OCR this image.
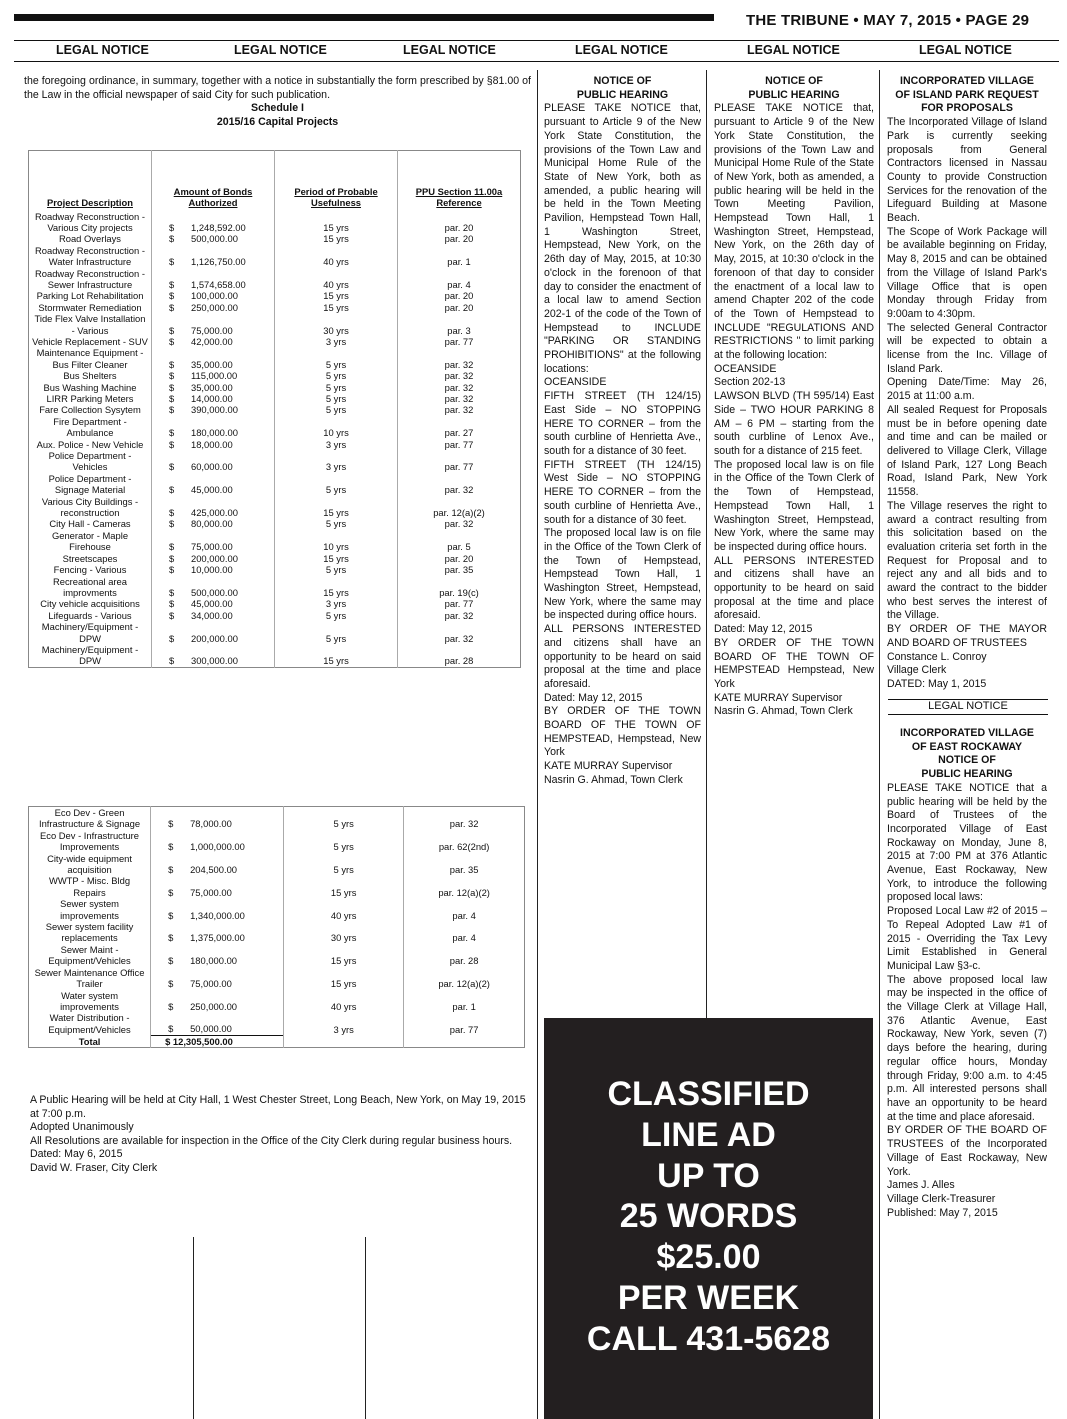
THE TRIBUNE • MAY 7, 2015 • PAGE 29
LEGAL NOTICE	LEGAL NOTICE	LEGAL NOTICE	LEGAL NOTICE	LEGAL NOTICE	LEGAL NOTICE
the foregoing ordinance, in summary, together with a notice in substantially the form prescribed by §81.00 of the Law in the official newspaper of said City for such publication.
Schedule I
2015/16 Capital Projects
Project Description	Amount of Bonds Authorized	Period of Probable Usefulness	PPU Section 11.00a Reference
Roadway Reconstruction - Various City projects	$ 1,248,592.00	15 yrs	par. 20
Road Overlays	$ 500,000.00	15 yrs	par. 20
Roadway Reconstruction - Water Infrastructure	$ 1,126,750.00	40 yrs	par. 1
Roadway Reconstruction - Sewer Infrastructure	$ 1,574,658.00	40 yrs	par. 4
Parking Lot Rehabilitation	$ 100,000.00	15 yrs	par. 20
Stormwater Remediation	$ 250,000.00	15 yrs	par. 20
Tide Flex Valve Installation - Various	$ 75,000.00	30 yrs	par. 3
Vehicle Replacement - SUV	$ 42,000.00	3 yrs	par. 77
Maintenance Equipment - Bus Filter Cleaner	$ 35,000.00	5 yrs	par. 32
Bus Shelters	$ 115,000.00	5 yrs	par. 32
Bus Washing Machine	$ 35,000.00	5 yrs	par. 32
LIRR Parking Meters	$ 14,000.00	5 yrs	par. 32
Fare Collection Sysytem	$ 390,000.00	5 yrs	par. 32
Fire Department - Ambulance	$ 180,000.00	10 yrs	par. 27
Aux. Police - New Vehicle	$ 18,000.00	3 yrs	par. 77
Police Department - Vehicles	$ 60,000.00	3 yrs	par. 77
Police Department - Signage Material	$ 45,000.00	5 yrs	par. 32
Various City Buildings - reconstruction	$ 425,000.00	15 yrs	par. 12(a)(2)
City Hall - Cameras	$ 80,000.00	5 yrs	par. 32
Generator - Maple Firehouse	$ 75,000.00	10 yrs	par. 5
Streetscapes	$ 200,000.00	15 yrs	par. 20
Fencing - Various	$ 10,000.00	5 yrs	par. 35
Recreational area improvments	$ 500,000.00	15 yrs	par. 19(c)
City vehicle acquisitions	$ 45,000.00	3 yrs	par. 77
Lifeguards - Various	$ 34,000.00	5 yrs	par. 32
Machinery/Equipment - DPW	$ 200,000.00	5 yrs	par. 32
Machinery/Equipment - DPW	$ 300,000.00	15 yrs	par. 28
Eco Dev - Green Infrastructure & Signage	$ 78,000.00	5 yrs	par. 32
Eco Dev - Infrastructure Improvements	$ 1,000,000.00	5 yrs	par. 62(2nd)
City-wide equipment acquisition	$ 204,500.00	5 yrs	par. 35
WWTP - Misc. Bldg Repairs	$ 75,000.00	15 yrs	par. 12(a)(2)
Sewer system improvements	$ 1,340,000.00	40 yrs	par. 4
Sewer system facility replacements	$ 1,375,000.00	30 yrs	par. 4
Sewer Maint - Equipment/Vehicles	$ 180,000.00	15 yrs	par. 28
Sewer Maintenance Office Trailer	$ 75,000.00	15 yrs	par. 12(a)(2)
Water system improvements	$ 250,000.00	40 yrs	par. 1
Water Distribution - Equipment/Vehicles	$ 50,000.00	3 yrs	par. 77
Total	$ 12,305,500.00		
A Public Hearing will be held at City Hall, 1 West Chester Street, Long Beach, New York, on May 19, 2015 at 7:00 p.m.
Adopted Unanimously
All Resolutions are available for inspection in the Office of the City Clerk during regular business hours.
Dated: May 6, 2015
David W. Fraser, City Clerk
NOTICE OF
PUBLIC HEARING

PLEASE TAKE NOTICE that, pursuant to Article 9 of the New York State Constitution, the provisions of the Town Law and Municipal Home Rule of the State of New York, both as amended, a public hearing will be held in the Town Meeting Pavilion, Hempstead Town Hall, 1 Washington Street, Hempstead, New York, on the 26th day of May, 2015, at 10:30 o'clock in the forenoon of that day to consider the enactment of a local law to amend Section 202-1 of the code of the Town of Hempstead to INCLUDE "PARKING OR STANDING PROHIBITIONS" at the following locations:

OCEANSIDE

FIFTH STREET (TH 124/15) East Side – NO STOPPING HERE TO CORNER – from the south curbline of Henrietta Ave., south for a distance of 30 feet.

FIFTH STREET (TH 124/15) West Side – NO STOPPING HERE TO CORNER – from the south curbline of Henrietta Ave., south for a distance of 30 feet.

The proposed local law is on file in the Office of the Town Clerk of the Town of Hempstead, Hempstead Town Hall, 1 Washington Street, Hempstead, New York, where the same may be inspected during office hours.

ALL PERSONS INTERESTED and citizens shall have an opportunity to be heard on said proposal at the time and place aforesaid.

Dated: May 12, 2015

BY ORDER OF THE TOWN BOARD OF THE TOWN OF HEMPSTEAD, Hempstead, New York

KATE MURRAY Supervisor

Nasrin G. Ahmad, Town Clerk

NOTICE OF
PUBLIC HEARING

PLEASE TAKE NOTICE that, pursuant to Article 9 of the New York State Constitution, the provisions of the Town Law and Municipal Home Rule of the State of New York, both as amended, a public hearing will be held in the Town Meeting Pavilion, Hempstead Town Hall, 1 Washington Street, Hempstead, New York, on the 26th day of May, 2015, at 10:30 o'clock in the forenoon of that day to consider the enactment of a local law to amend Chapter 202 of the code of the Town of Hempstead to INCLUDE "REGULATIONS AND RESTRICTIONS " to limit parking at the following location:

OCEANSIDE

Section 202-13

LAWSON BLVD (TH 595/14) East Side – TWO HOUR PARKING 8 AM – 6 PM – starting from the south curbline of Lenox Ave., south for a distance of 215 feet.

The proposed local law is on file in the Office of the Town Clerk of the Town of Hempstead, Hempstead Town Hall, 1 Washington Street, Hempstead, New York, where the same may be inspected during office hours.

ALL PERSONS INTERESTED and citizens shall have an opportunity to be heard on said proposal at the time and place aforesaid.

Dated: May 12, 2015

BY ORDER OF THE TOWN BOARD OF THE TOWN OF HEMPSTEAD Hempstead, New York

KATE MURRAY Supervisor

Nasrin G. Ahmad, Town Clerk

CLASSIFIED
LINE AD
UP TO
25 WORDS
$25.00
PER WEEK
CALL 431-5628
INCORPORATED VILLAGE
OF ISLAND PARK REQUEST
FOR PROPOSALS

The Incorporated Village of Island Park is currently seeking proposals from General Contractors licensed in Nassau County to provide Construction Services for the renovation of the Lifeguard Building at Masone Beach.

The Scope of Work Package will be available beginning on Friday, May 8, 2015 and can be obtained from the Village of Island Park's Village Office that is open Monday through Friday from 9:00am to 4:30pm.

The selected General Contractor will be expected to obtain a license from the Inc. Village of Island Park.

Opening Date/Time: May 26, 2015 at 11:00 a.m.

All sealed Request for Proposals must be in before opening date and time and can be mailed or delivered to Village Clerk, Village of Island Park, 127 Long Beach Road, Island Park, New York 11558.

The Village reserves the right to award a contract resulting from this solicitation based on the evaluation criteria set forth in the Request for Proposal and to reject any and all bids and to award the contract to the bidder who best serves the interest of the Village.

BY ORDER OF THE MAYOR AND BOARD OF TRUSTEES

Constance L. Conroy

Village Clerk

DATED: May 1, 2015

LEGAL NOTICE
INCORPORATED VILLAGE
OF EAST ROCKAWAY
NOTICE OF
PUBLIC HEARING

PLEASE TAKE NOTICE that a public hearing will be held by the Board of Trustees of the Incorporated Village of East Rockaway on Monday, June 8, 2015 at 7:00 PM at 376 Atlantic Avenue, East Rockaway, New York, to introduce the following proposed local laws:

Proposed Local Law #2 of 2015 – To Repeal Adopted Law #1 of 2015 - Overriding the Tax Levy Limit Established in General Municipal Law §3-c.

The above proposed local law may be inspected in the office of the Village Clerk at Village Hall, 376 Atlantic Avenue, East Rockaway, New York, seven (7) days before the hearing, during regular office hours, Monday through Friday, 9:00 a.m. to 4:45 p.m. All interested persons shall have an opportunity to be heard at the time and place aforesaid.

BY ORDER OF THE BOARD OF TRUSTEES of the Incorporated Village of East Rockaway, New York.

James J. Alles

Village Clerk-Treasurer

Published: May 7, 2015
